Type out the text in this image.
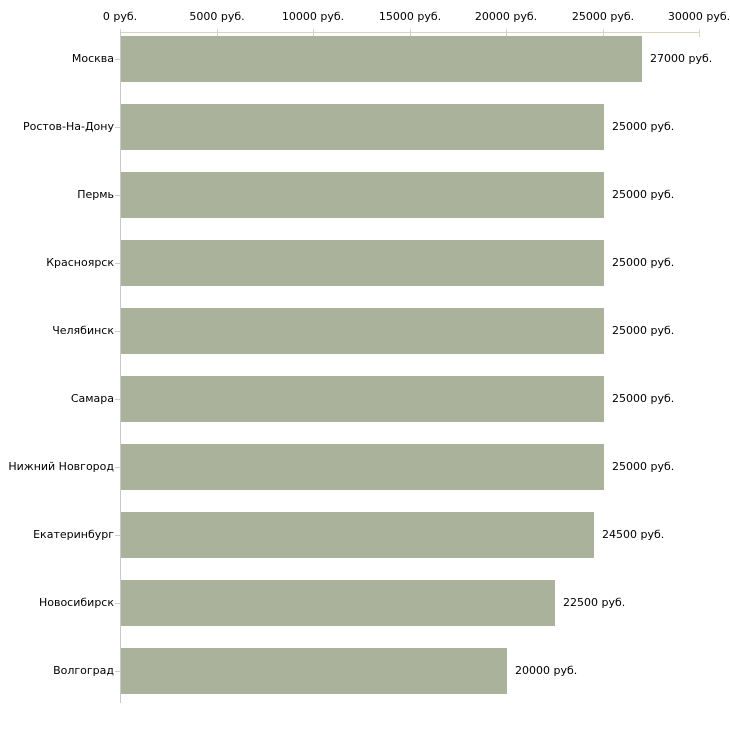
0 руб.	5000 руб.	10000 руб.	15000 руб.	20000 руб.	25000 руб.	30000 руб.
Москва	27000 руб.
Ростов-На-Дону	25000 руб.
Пермь	25000 руб.
Красноярск	25000 руб.
Челябинск	25000 руб.
Самара	25000 руб.
Нижний Новгород	25000 руб.
Екатеринбург	24500 руб.
Новосибирск	22500 руб.
Волгоград	20000 руб.
